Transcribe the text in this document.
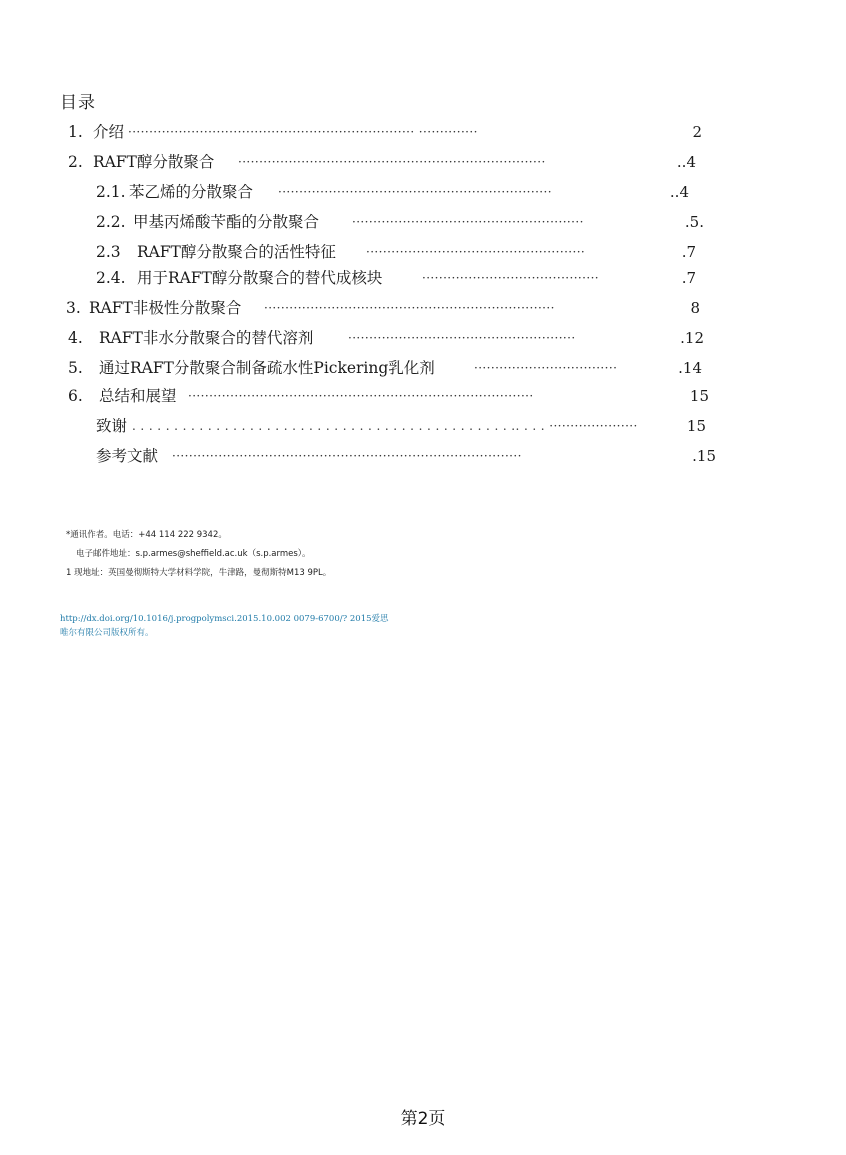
目录
1. 介绍 ···································································· ··············	2
2. RAFT醇分散聚合 ·········································································	..4
2.1. 苯乙烯的分散聚合 ·································································	..4
2.2. 甲基丙烯酸苄酯的分散聚合	·······················································	.5.
2.3 RAFT醇分散聚合的活性特征	····················································	.7
2.4. 用于RAFT醇分散聚合的替代成核块	··········································	.7
3. RAFT非极性分散聚合 ·····································································	8
4. RAFT非水分散聚合的替代溶剂	······················································	.12
5. 通过RAFT分散聚合制备疏水性Pickering乳化剂	··································	.14
6. 总结和展望 ··················································································	15
致谢 . . . . . . . . . . . . . . . . . . . . . . . . . . . . . . . . . . . . . . . . . . . . . .. . . . ·····················	15
参考文献 ···················································································	.15
*通讯作者。电话：+44 114 222 9342。
电子邮件地址：s.p.armes@sheffield.ac.uk（s.p.armes）。
1 现地址：英国曼彻斯特大学材料学院，牛津路，曼彻斯特M13 9PL。
http://dx.doi.org/10.1016/j.progpolymsci.2015.10.002 0079-6700/? 2015爱思
唯尔有限公司版权所有。
第2页
